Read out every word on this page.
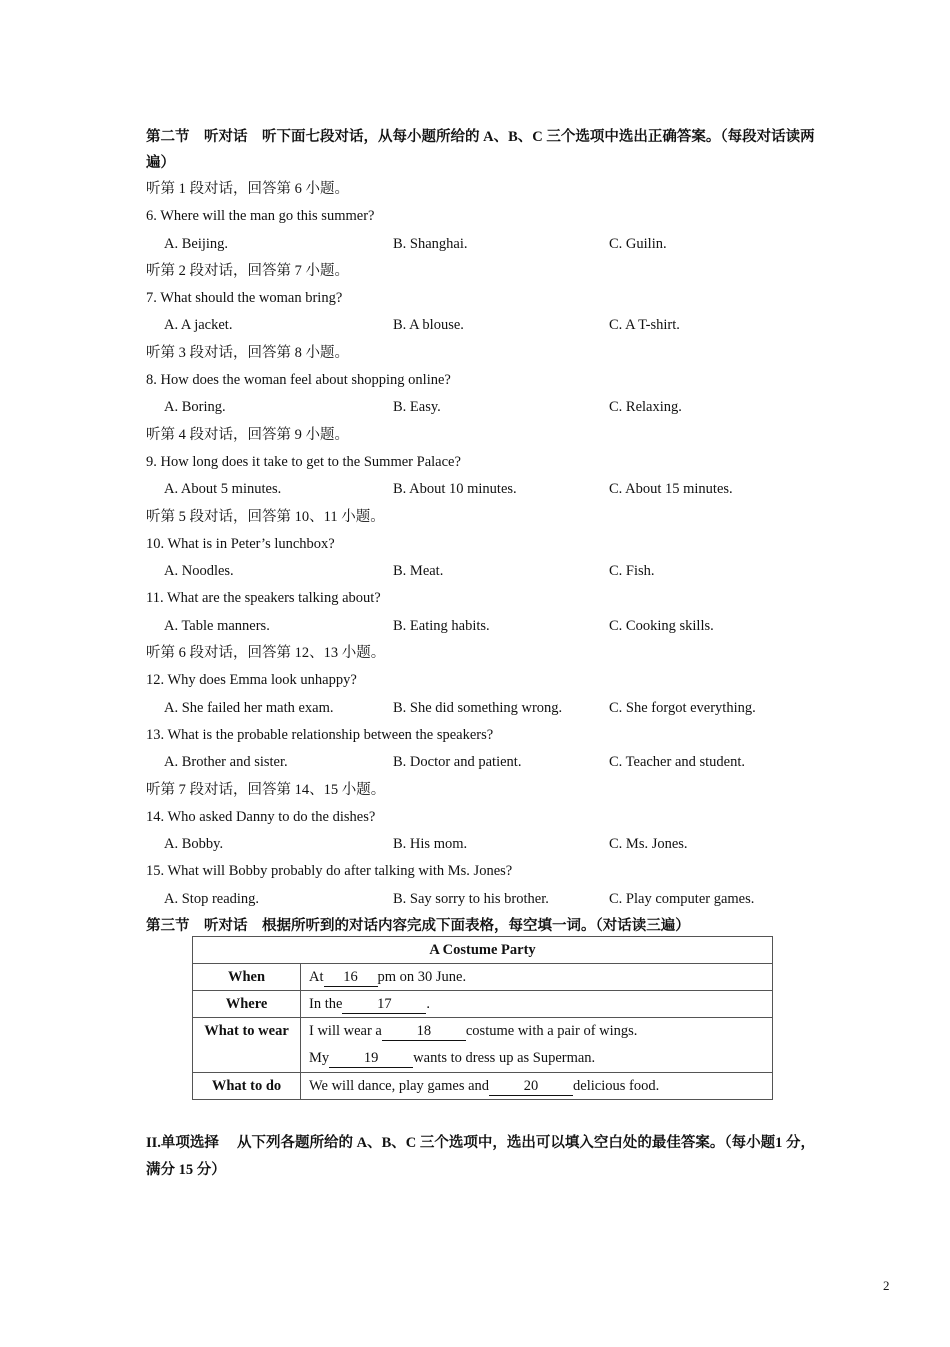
第二节　听对话　听下面七段对话，从每小题所给的 A、B、C 三个选项中选出正确答案。（每段对话读两遍）
听第 1 段对话，回答第 6 小题。
6. Where will the man go this summer?
A. Beijing.	B. Shanghai.	C. Guilin.
听第 2 段对话，回答第 7 小题。
7. What should the woman bring?
A. A jacket.	B. A blouse.	C. A T-shirt.
听第 3 段对话，回答第 8 小题。
8. How does the woman feel about shopping online?
A. Boring.	B. Easy.	C. Relaxing.
听第 4 段对话，回答第 9 小题。
9. How long does it take to get to the Summer Palace?
A. About 5 minutes.	B. About 10 minutes.	C. About 15 minutes.
听第 5 段对话，回答第 10、11 小题。
10. What is in Peter’s lunchbox?
A. Noodles.	B. Meat.	C. Fish.
11. What are the speakers talking about?
A. Table manners.	B. Eating habits.	C. Cooking skills.
听第 6 段对话，回答第 12、13 小题。
12. Why does Emma look unhappy?
A. She failed her math exam.	B. She did something wrong.	C. She forgot everything.
13. What is the probable relationship between the speakers?
A. Brother and sister.	B. Doctor and patient.	C. Teacher and student.
听第 7 段对话，回答第 14、15 小题。
14. Who asked Danny to do the dishes?
A. Bobby.	B. His mom.	C. Ms. Jones.
15. What will Bobby probably do after talking with Ms. Jones?
A. Stop reading.	B. Say sorry to his brother.	C. Play computer games.
第三节　听对话　根据所听到的对话内容完成下面表格，每空填一词。（对话读三遍）
A Costume Party	
When	At 16 pm on 30 June.
Where	In the 17 .
What to wear	I will wear a 18 costume with a pair of wings.
My 19 wants to dress up as Superman.

What to do	We will dance, play games and 20 delicious food.
II.单项选择　 从下列各题所给的 A、B、C 三个选项中，选出可以填入空白处的最佳答案。（每小题1 分，满分 15 分）
2
